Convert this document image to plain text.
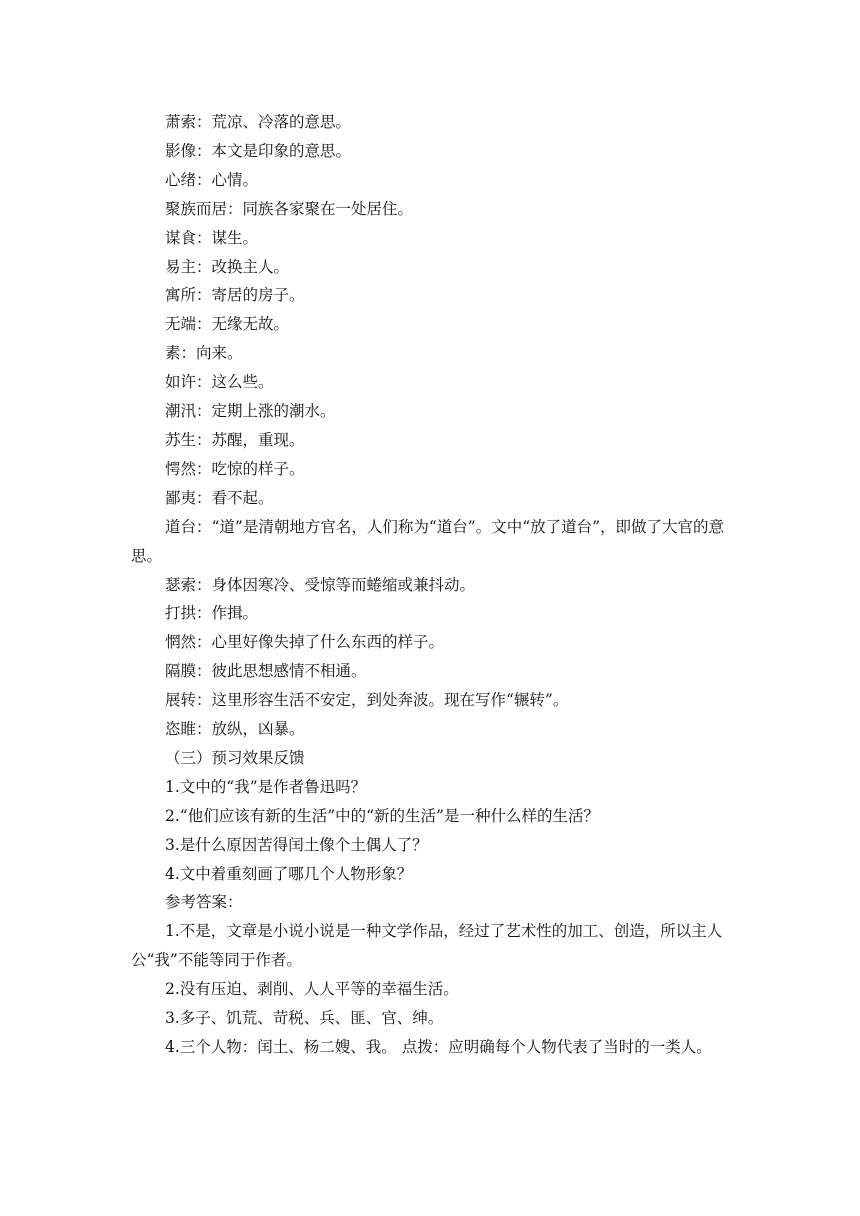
萧索：荒凉、冷落的意思。

影像：本文是印象的意思。

心绪：心情。

聚族而居：同族各家聚在一处居住。

谋食：谋生。

易主：改换主人。

寓所：寄居的房子。

无端：无缘无故。

素：向来。

如许：这么些。

潮汛：定期上涨的潮水。

苏生：苏醒，重现。

愕然：吃惊的样子。

鄙夷：看不起。

道台：“道”是清朝地方官名，人们称为“道台”。文中“放了道台”，即做了大官的意思。

瑟索：身体因寒冷、受惊等而蜷缩或兼抖动。

打拱：作揖。

惘然：心里好像失掉了什么东西的样子。

隔膜：彼此思想感情不相通。

展转：这里形容生活不安定，到处奔波。现在写作“辗转”。

恣睢：放纵，凶暴。

（三）预习效果反馈

1.文中的“我”是作者鲁迅吗？

2.“他们应该有新的生活”中的“新的生活”是一种什么样的生活？

3.是什么原因苦得闰土像个土偶人了？

4.文中着重刻画了哪几个人物形象？

参考答案：

1.不是，文章是小说小说是一种文学作品，经过了艺术性的加工、创造，所以主人公“我”不能等同于作者。

2.没有压迫、剥削、人人平等的幸福生活。

3.多子、饥荒、苛税、兵、匪、官、绅。

4.三个人物：闰土、杨二嫂、我。 点拨：应明确每个人物代表了当时的一类人。
